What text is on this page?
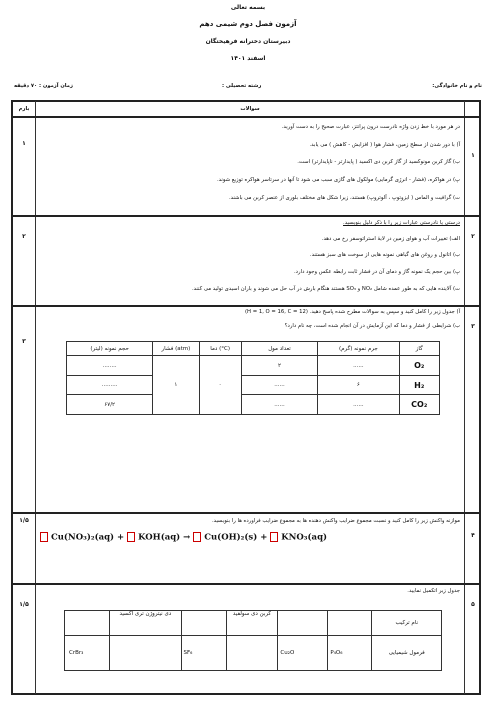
بسمه تعالی
آزمون فصل دوم شیمی دهم
دبیرستان دخترانه فرهیختگان
اسفند ۱۴۰۱
نام و نام خانوادگی:
رشته تحصیلی :
زمان آزمون : ۷۰ دقیقه
بارم	سوالات
۱
۱
در هر مورد با خط زدن واژه نادرست درون پرانتز، عبارت صحیح را به دست آورید.
آ) با دور شدن از سطح زمین، فشار هوا ( افزایش - کاهش ) می یابد.
ب) گاز کربن مونوکسید از گاز کربن دی اکسید ( پایدارتر - ناپایدارتر) است.
پ) در هواکره، (فشار - انرژی گرمایی) مولکول های گازی سبب می شود تا آنها در سرتاسر هواکره توزیع شوند.
ت) گرافیت و الماس ( ایزوتوپ ، آلوتروپ) هستند، زیرا شکل های مختلف بلوری از عنصر کربن می باشند.
۲
۲
درستی یا نادرستی عبارات زیر را با ذکر دلیل بنویسید.
الف) تغییرات آب و هوای زمین در لایۀ استراتوسفر رخ می دهد.
ب) اتانول و روغن های گیاهی نمونه هایی از سوخت های سبز هستند.
پ) بین حجم یک نمونه گاز و دمای آن در فشار ثابت رابطه عکس وجود دارد.
ت) آلاینده هایی که به طور عمده شامل NO₂ و SO₃ هستند هنگام بارش در آب حل می شوند و باران اسیدی تولید می کنند.
۳
۳
آ) جدول زیر را کامل کنید و سپس به سوالات مطرح شده پاسخ دهید. (H = 1, O = 16, C = 12)
ب) شرایطی از فشار و دما که این آزمایش در آن انجام شده است، چه نام دارد؟
حجم نمونه (لیتر)	فشار (atm)	دما (°C)	تعداد مول	جرم نمونه (گرم)	گاز
........	۱	۰	۲	......	O₂
.........			......	۶	H₂
۶۷/۲			......	......	CO₂
۴
۱/۵	موازنه واکنش زیر را کامل کنید و نسبت مجموع ضرایب واکنش دهنده ها به مجموع ضرایب فراورده ها را بنویسید.
Cu(NO₃)₂(aq) + KOH(aq) → Cu(OH)₂(s) + KNO₃(aq)
۵
۱/۵
جدول زیر اتکمیل نمایید.
	دی نیتروژن تری اکسید		کربن دی سولفید			نام ترکیب
CrBr₃		SF₆		Cu₂O	P₄O₆	فرمول شیمیایی
